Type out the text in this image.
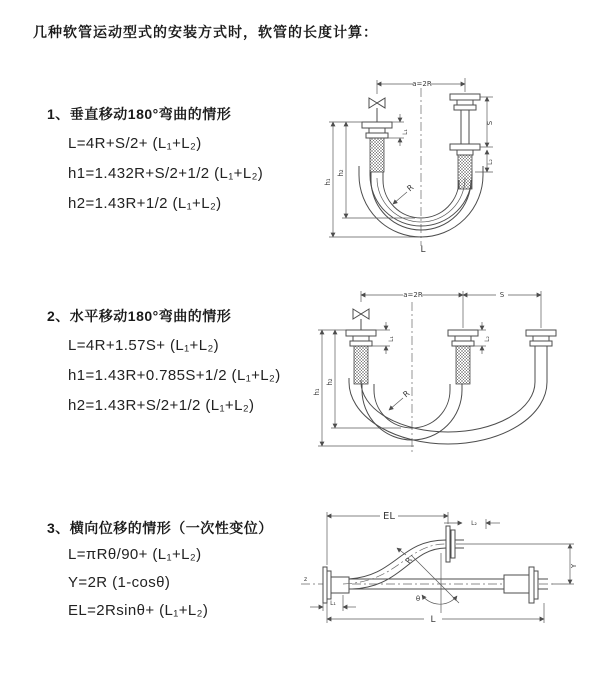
几种软管运动型式的安装方式时，软管的长度计算：
1、垂直移动180°弯曲的情形
L=4R+S/2+ (L₁+L₂)
h1=1.432R+S/2+1/2 (L₁+L₂)
h2=1.43R+1/2 (L₁+L₂)
a=2R
h₁
h₂
L₁
S
L₂
R
L
2、水平移动180°弯曲的情形
L=4R+1.57S+ (L₁+L₂)
h1=1.43R+0.785S+1/2 (L₁+L₂)
h2=1.43R+S/2+1/2 (L₁+L₂)
a=2R	S
h₁
h₂
L₁	L₂
R
3、横向位移的情形（一次性变位）
L=πRθ/90+ (L₁+L₂)
Y=2R (1-cosθ)
EL=2Rsinθ+ (L₁+L₂)
z
EL
L₂
Y
θ
R
L₁
L
